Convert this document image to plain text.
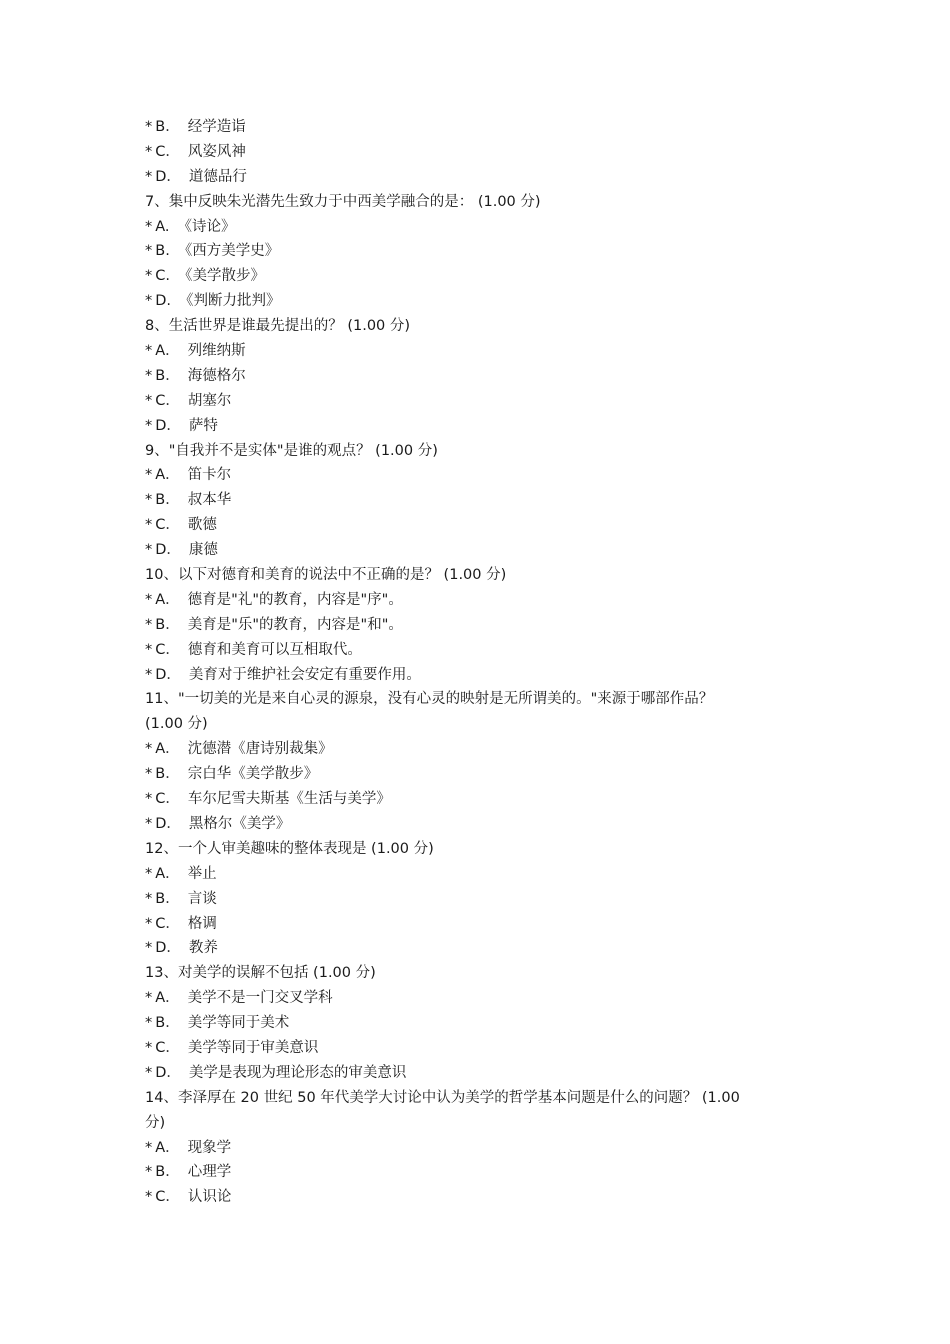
* B． 经学造诣
* C． 风姿风神
* D． 道德品行
7、集中反映朱光潜先生致力于中西美学融合的是： (1.00 分)
* A. 《诗论》
* B. 《西方美学史》
* C. 《美学散步》
* D. 《判断力批判》
8、生活世界是谁最先提出的？ (1.00 分)
* A． 列维纳斯
* B． 海德格尔
* C． 胡塞尔
* D． 萨特
9、"自我并不是实体"是谁的观点？ (1.00 分)
* A． 笛卡尔
* B． 叔本华
* C． 歌德
* D． 康德
10、以下对德育和美育的说法中不正确的是？ (1.00 分)
* A． 德育是"礼"的教育，内容是"序"。
* B． 美育是"乐"的教育，内容是"和"。
* C． 德育和美育可以互相取代。
* D． 美育对于维护社会安定有重要作用。
11、"一切美的光是来自心灵的源泉，没有心灵的映射是无所谓美的。"来源于哪部作品？
(1.00 分)
* A． 沈德潜《唐诗别裁集》
* B． 宗白华《美学散步》
* C． 车尔尼雪夫斯基《生活与美学》
* D． 黑格尔《美学》
12、一个人审美趣味的整体表现是 (1.00 分)
* A． 举止
* B． 言谈
* C． 格调
* D． 教养
13、对美学的误解不包括 (1.00 分)
* A． 美学不是一门交叉学科
* B． 美学等同于美术
* C． 美学等同于审美意识
* D． 美学是表现为理论形态的审美意识
14、李泽厚在 20 世纪 50 年代美学大讨论中认为美学的哲学基本问题是什么的问题？ (1.00
分)
* A． 现象学
* B． 心理学
* C． 认识论
